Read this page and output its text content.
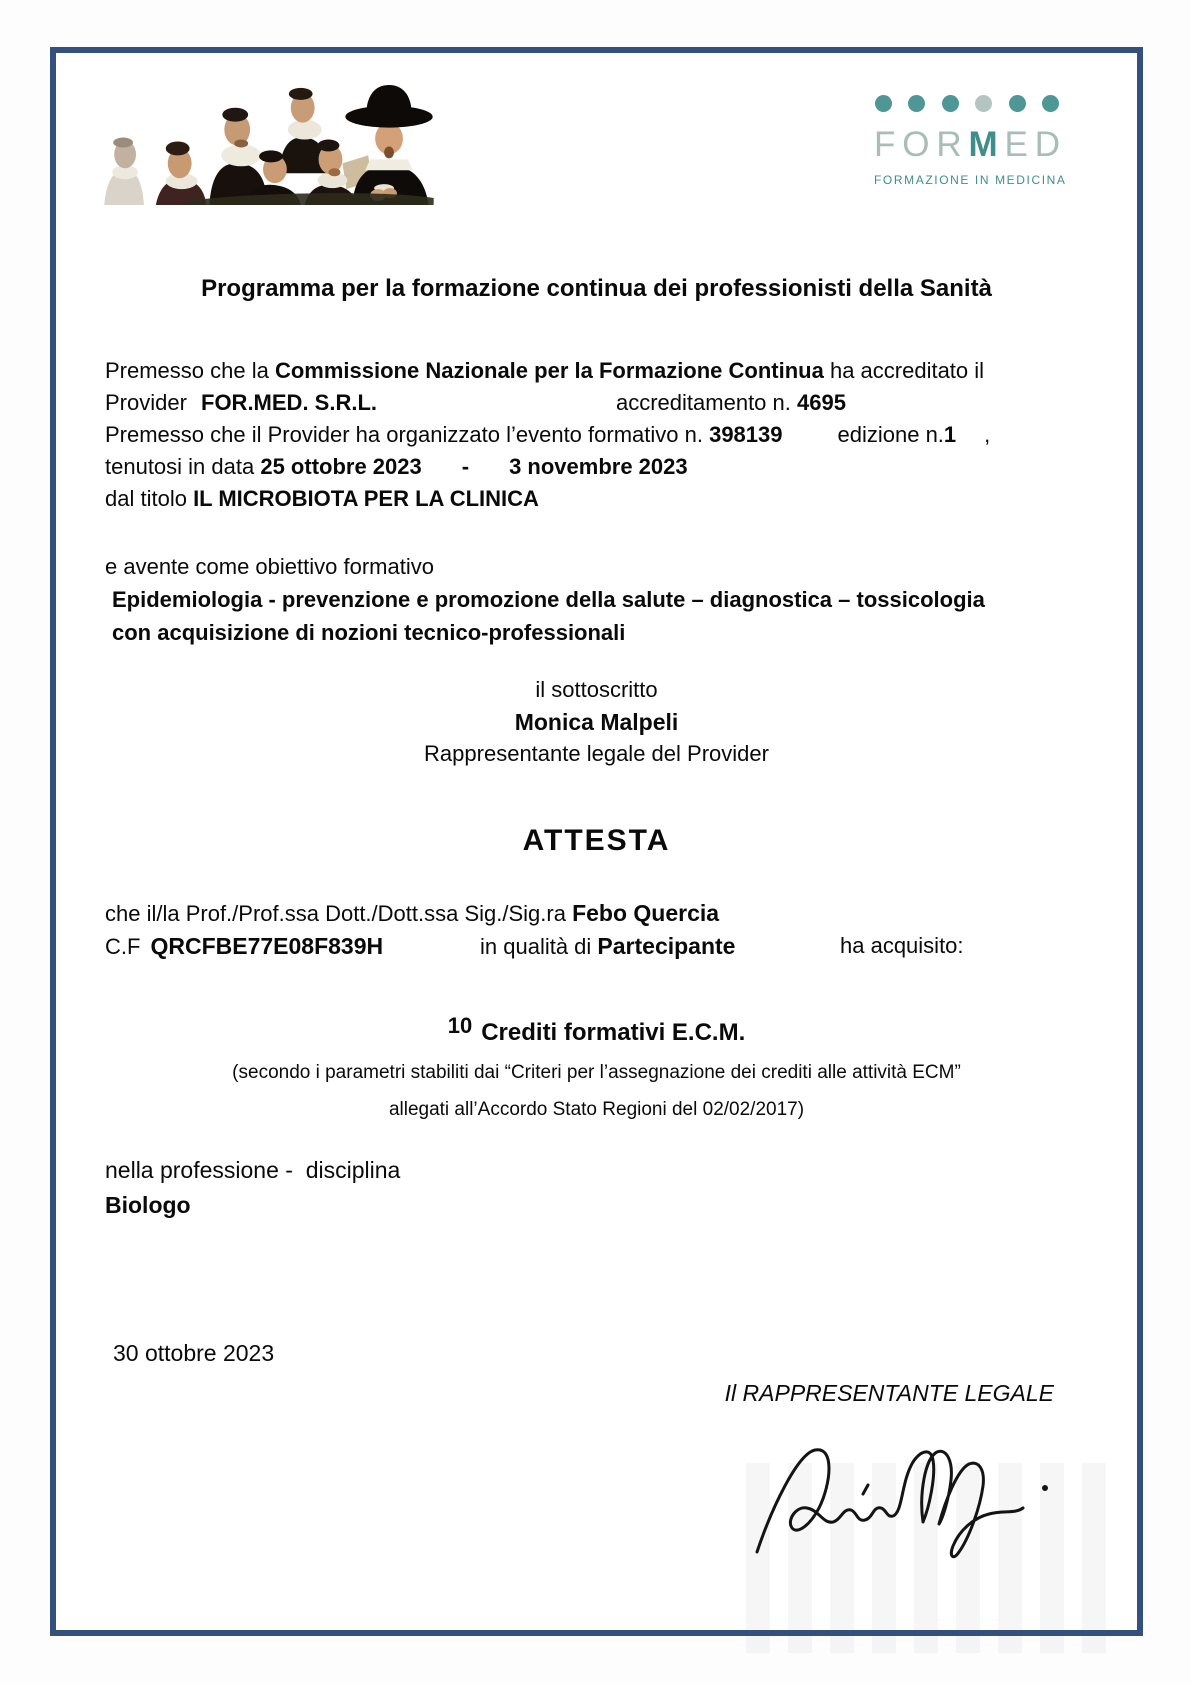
F O R M E D
FORMAZIONE IN MEDICINA
Programma per la formazione continua dei professionisti della Sanità
Premesso che la Commissione Nazionale per la Formazione Continua ha accreditato il
Provider FOR.MED. S.R.L.	accreditamento n. 4695
Premesso che il Provider ha organizzato l’evento formativo n. 398139	edizione n.1 ,
tenutosi in data 25 ottobre 2023 - 3 novembre 2023
dal titolo IL MICROBIOTA PER LA CLINICA
e avente come obiettivo formativo
Epidemiologia - prevenzione e promozione della salute – diagnostica – tossicologia
con acquisizione di nozioni tecnico-professionali
il sottoscritto
Monica Malpeli
Rappresentante legale del Provider
ATTESTA
che il/la Prof./Prof.ssa Dott./Dott.ssa Sig./Sig.ra Febo Quercia
C.F QRCFBE77E08F839H	in qualità di Partecipante	ha acquisito:
10 Crediti formativi E.C.M.
(secondo i parametri stabiliti dai “Criteri per l’assegnazione dei crediti alle attività ECM”
allegati all’Accordo Stato Regioni del 02/02/2017)
nella professione -  disciplina
Biologo
30 ottobre 2023
Il RAPPRESENTANTE LEGALE
